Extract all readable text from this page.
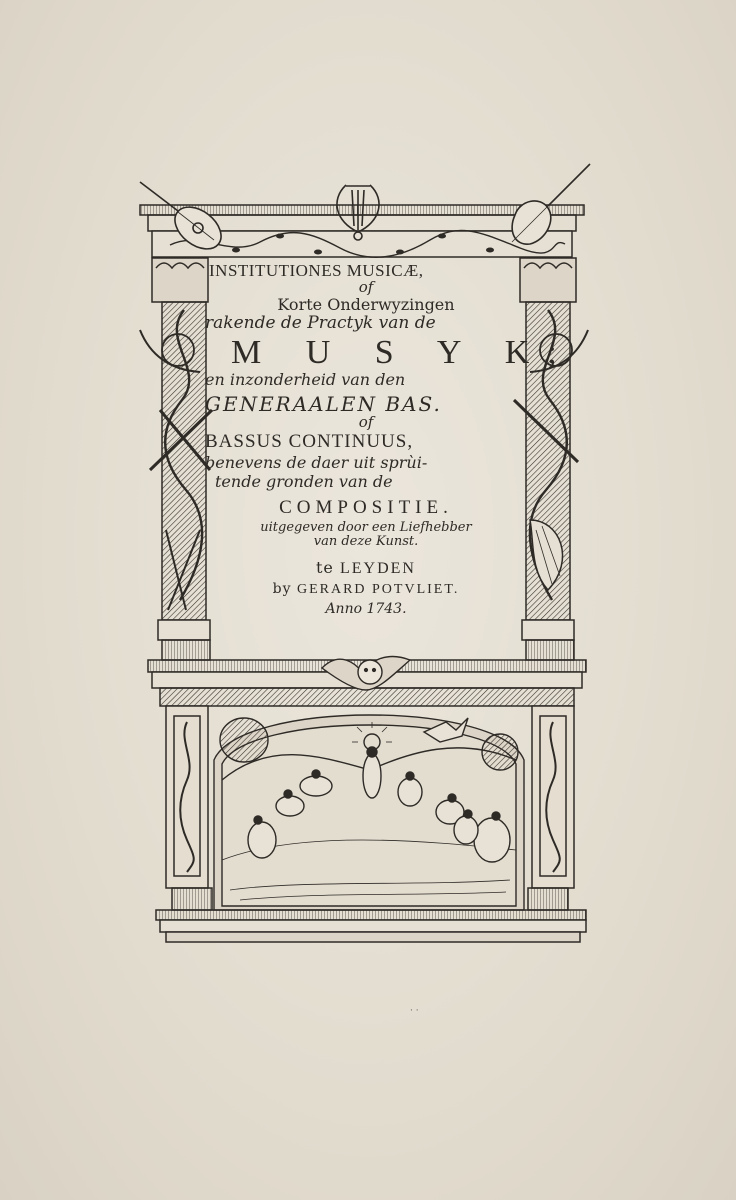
INSTITUTIONES MUSICÆ,
of
Korte Onderwyzingen
rakende de Practyk van de
M U S Y K;
en inzonderheid van den
GENERAALEN BAS.
of
BASSUS CONTINUUS,
benevens de daer uit sprùi-
tende gronden van de
COMPOSITIE.
uitgegeven door een Liefhebber
van deze Kunst.
te LEYDEN
by GERARD POTVLIET.
Anno 1743.
· ·
